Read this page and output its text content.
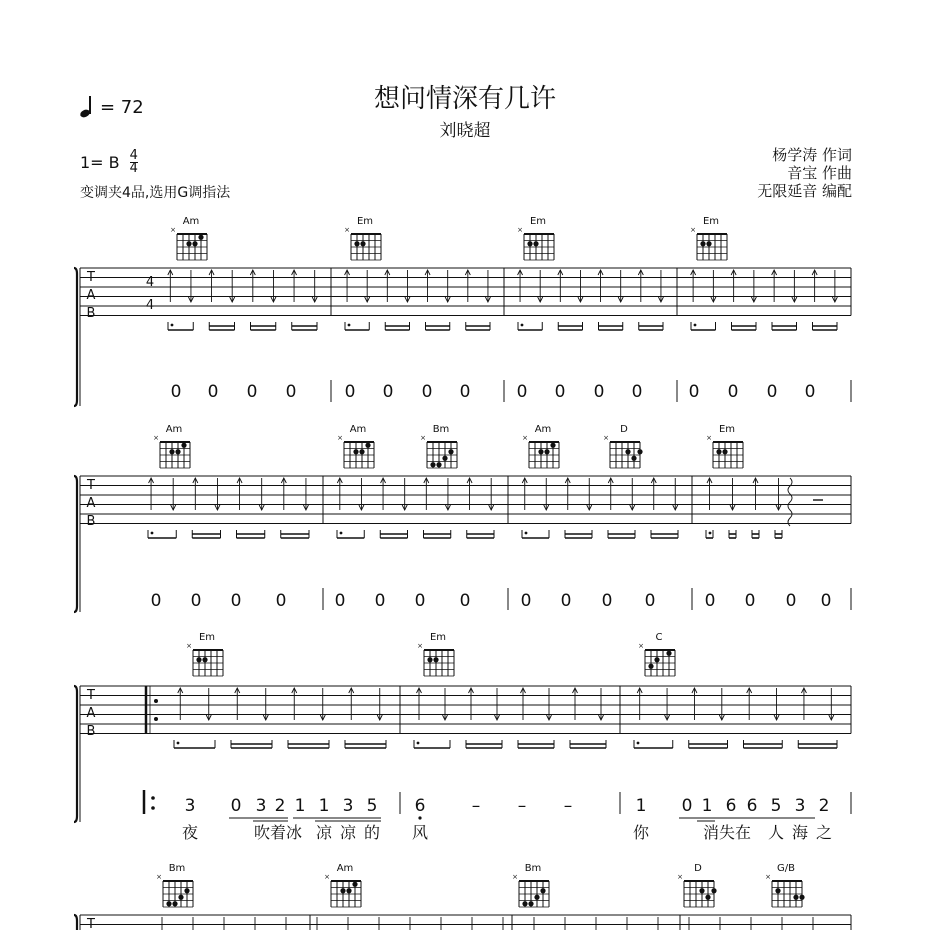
想问情深有几许
刘晓超
= 72
1= B 4
4
变调夹4品,选用G调指法
杨学涛 作词
音宝 作曲
无限延音 编配
T
A
B
4
4
Am
×
Em
×
Em
×
Em
×
0 0 0 0	0 0 0 0	0 0 0 0	0 0 0 0
T
A
B
Am
×
Am
×
Bm
×
Am
×
D
×
Em
×
0 0 0 0	0 0 0 0	0 0 0 0	0 0 0 0
T
A
B
Em
×
Em
×
C
×
3 0 3 2 1 1 3 5 6	– – –	1 0 1 6 6 5 3 2
夜	吹着冰 凉 凉 的 风	你	消失在 人 海 之
T
Bm
×
Am
×
Bm
×
D
×
G/B
×
